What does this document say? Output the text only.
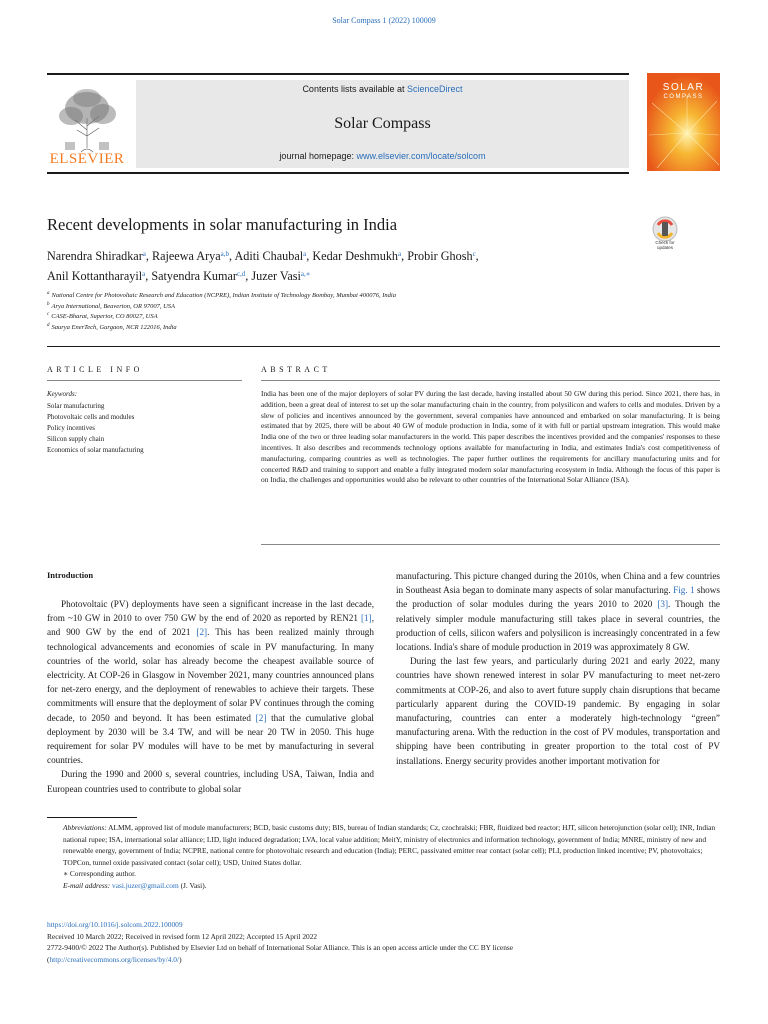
Solar Compass 1 (2022) 100009
ELSEVIER
Contents lists available at ScienceDirect
Solar Compass
journal homepage: www.elsevier.com/locate/solcom
SOLAR
COMPASS
Recent developments in solar manufacturing in India
Check for
updates
Narendra Shiradkar$^a$, Rajeewa Arya$^{a,b}$, Aditi Chaubal$^a$, Kedar Deshmukh$^a$, Probir Ghosh$^c$,
Anil Kottantharayil$^a$, Satyendra Kumar$^{c,d}$, Juzer Vasi$^{a,∗}$
$^a$ National Centre for Photovoltaic Research and Education (NCPRE), Indian Institute of Technology Bombay, Mumbai 400076, India
$^b$ Arya International, Beaverton, OR 97007, USA
$^c$ CASE-Bharat, Superior, CO 80027, USA
$^d$ Saurya EnerTech, Gurgaon, NCR 122016, India
ARTICLE INFO
Keywords:
Solar manufacturing
Photovoltaic cells and modules
Policy incentives
Silicon supply chain
Economics of solar manufacturing
ABSTRACT
India has been one of the major deployers of solar PV during the last decade, having installed about 50 GW during this period. Since 2021, there has, in addition, been a great deal of interest to set up the solar manufacturing chain in the country, from polysilicon and wafers to cells and modules. Driven by a slew of policies and incentives announced by the government, several companies have announced and embarked on solar manufacturing. It is being estimated that by 2025, there will be about 40 GW of module production in India, some of it with full or partial upstream integration. This would make India one of the two or three leading solar manufacturers in the world. This paper describes the incentives provided and the companies' responses to these incentives. It also describes and recommends technology options available for manufacturing in India, and estimates India's cost competitiveness of manufacturing, comparing countries as well as technologies. The paper further outlines the requirements for ancillary manufacturing units and for concerted R&D and training to support and enable a fully integrated modern solar manufacturing ecosystem in India. Although the focus of this paper is on India, the challenges and opportunities would also be relevant to other countries of the International Solar Alliance (ISA).
Introduction

Photovoltaic (PV) deployments have seen a significant increase in the last decade, from ~10 GW in 2010 to over 750 GW by the end of 2020 as reported by REN21 [1], and 900 GW by the end of 2021 [2]. This has been realized mainly through technological advancements and economies of scale in PV manufacturing. In many countries of the world, solar has already become the cheapest available source of electricity. At COP-26 in Glasgow in November 2021, many countries announced plans for net-zero energy, and the deployment of renewables to achieve their targets. These commitments will ensure that the deployment of solar PV continues through the coming decade, to 2050 and beyond. It has been estimated [2] that the cumulative global deployment by 2030 will be 3.4 TW, and will be near 20 TW in 2050. This huge requirement for solar PV modules will have to be met by manufacturing in several countries.

During the 1990 and 2000 s, several countries, including USA, Taiwan, India and European countries used to contribute to global solar

manufacturing. This picture changed during the 2010s, when China and a few countries in Southeast Asia began to dominate many aspects of solar manufacturing. Fig. 1 shows the production of solar modules during the years 2010 to 2020 [3]. Though the relatively simpler module manufacturing still takes place in several countries, the production of cells, silicon wafers and polysilicon is increasingly concentrated in a few locations. India's share of module production in 2019 was approximately 8 GW.

During the last few years, and particularly during 2021 and early 2022, many countries have shown renewed interest in solar PV manufacturing to meet net-zero commitments at COP-26, and also to avert future supply chain disruptions that became particularly apparent during the COVID-19 pandemic. By engaging in solar manufacturing, countries can enter a moderately high-technology “green” manufacturing arena. With the reduction in the cost of PV modules, transportation and shipping have been contributing in greater proportion to the total cost of PV installations. Energy security provides another important motivation for

Abbreviations: ALMM, approved list of module manufacturers; BCD, basic customs duty; BIS, bureau of Indian standards; Cz, czochralski; FBR, fluidized bed reactor; HJT, silicon heterojunction (solar cell); INR, Indian national rupee; ISA, international solar alliance; LID, light induced degradation; LVA, local value addition; MeitY, ministry of electronics and information technology, government of India; MNRE, ministry of new and renewable energy, government of India; NCPRE, national centre for photovoltaic research and education (India); PERC, passivated emitter rear contact (solar cell); PLI, production linked incentive; PV, photovoltaics; TOPCon, tunnel oxide passivated contact (solar cell); USD, United States dollar.

∗ Corresponding author.

E-mail address: vasi.juzer@gmail.com (J. Vasi).

https://doi.org/10.1016/j.solcom.2022.100009

Received 10 March 2022; Received in revised form 12 April 2022; Accepted 15 April 2022

2772-9400/© 2022 The Author(s). Published by Elsevier Ltd on behalf of International Solar Alliance. This is an open access article under the CC BY license
(http://creativecommons.org/licenses/by/4.0/)
